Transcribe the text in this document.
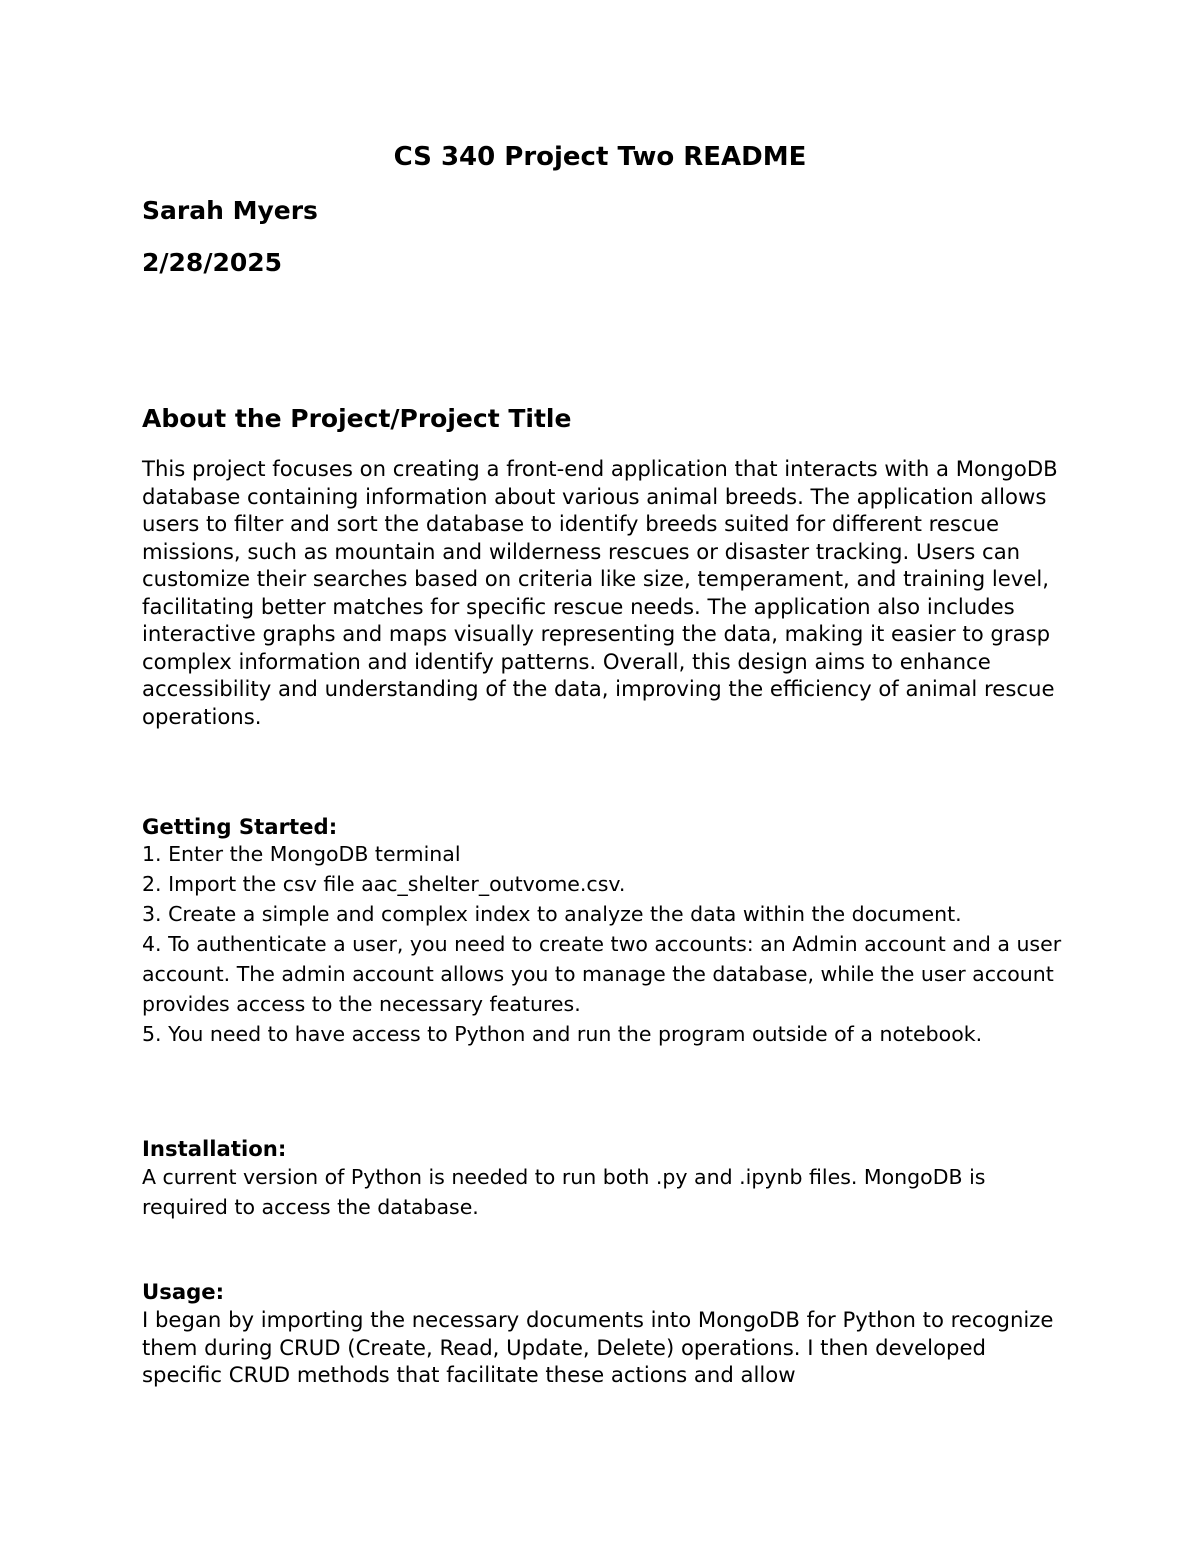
CS 340 Project Two README

Sarah Myers

2/28/2025

About the Project/Project Title

This project focuses on creating a front-end application that interacts with a MongoDB database containing information about various animal breeds. The application allows users to filter and sort the database to identify breeds suited for different rescue missions, such as mountain and wilderness rescues or disaster tracking. Users can customize their searches based on criteria like size, temperament, and training level, facilitating better matches for specific rescue needs. The application also includes interactive graphs and maps visually representing the data, making it easier to grasp complex information and identify patterns. Overall, this design aims to enhance accessibility and understanding of the data, improving the efficiency of animal rescue operations.

Getting Started:
1. Enter the MongoDB terminal
2. Import the csv file aac_shelter_outvome.csv.
3. Create a simple and complex index to analyze the data within the document.
4. To authenticate a user, you need to create two accounts: an Admin account and a user account. The admin account allows you to manage the database, while the user account provides access to the necessary features.
5. You need to have access to Python and run the program outside of a notebook.
Installation:

A current version of Python is needed to run both .py and .ipynb files. MongoDB is required to access the database.

Usage:

I began by importing the necessary documents into MongoDB for Python to recognize them during CRUD (Create, Read, Update, Delete) operations. I then developed specific CRUD methods that facilitate these actions and allow
